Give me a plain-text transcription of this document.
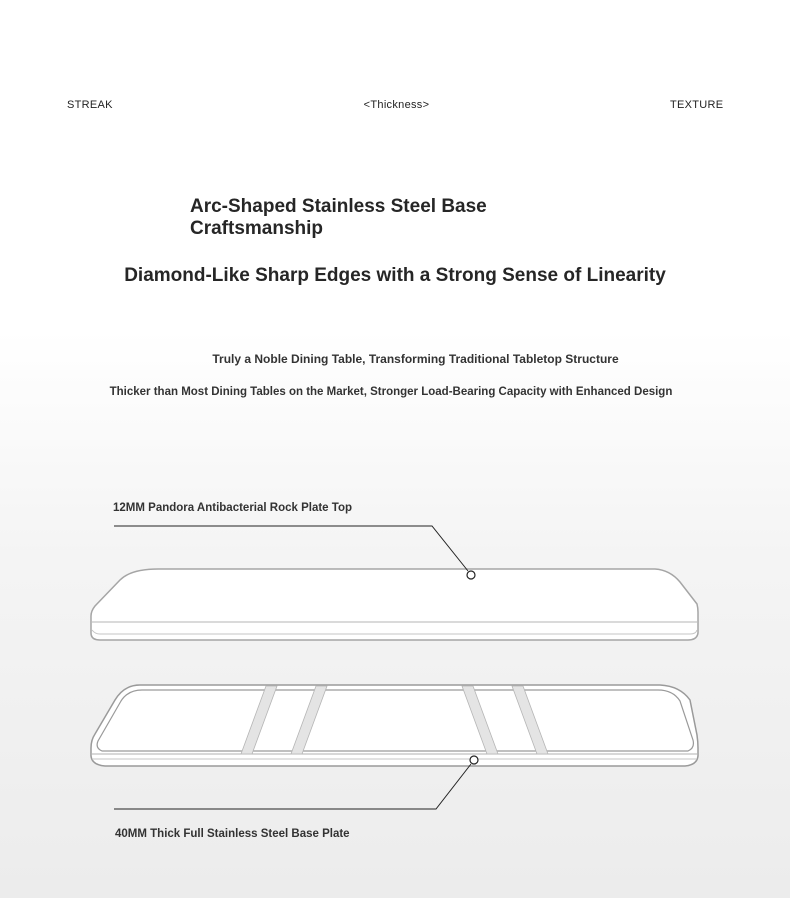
STREAK	<Thickness>	TEXTURE
Arc-Shaped Stainless Steel Base Craftsmanship
Diamond-Like Sharp Edges with a Strong Sense of Linearity
Truly a Noble Dining Table, Transforming Traditional Tabletop Structure
Thicker than Most Dining Tables on the Market, Stronger Load-Bearing Capacity with Enhanced Design
12MM Pandora Antibacterial Rock Plate Top
40MM Thick Full Stainless Steel Base Plate
